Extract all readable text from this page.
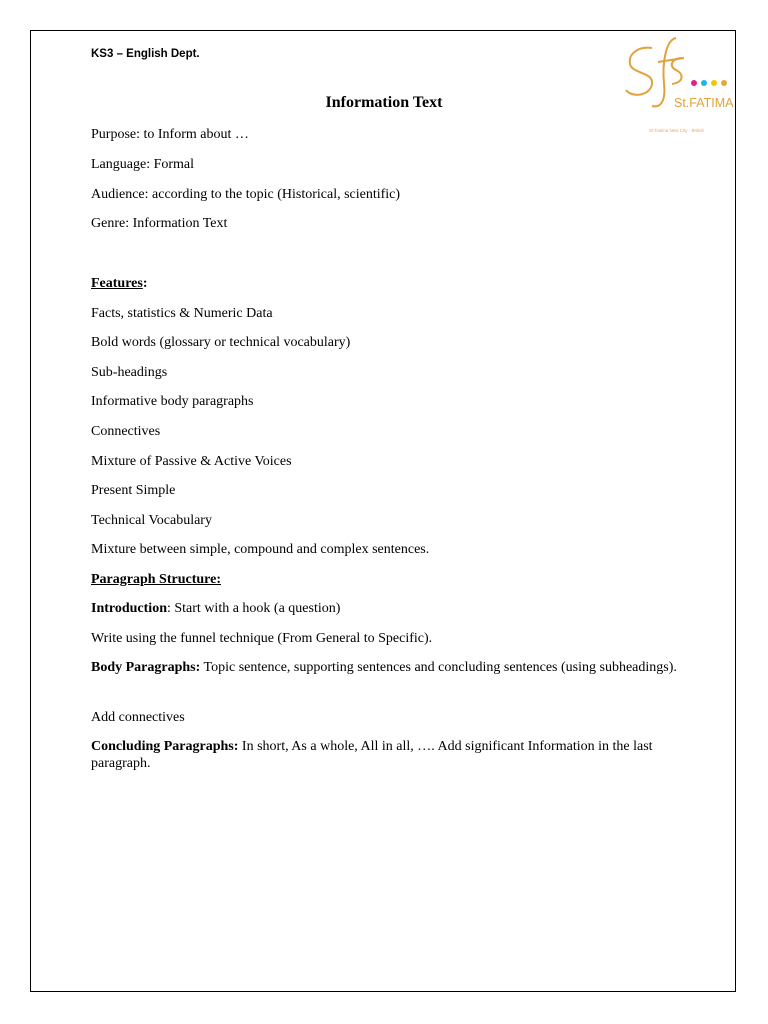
KS3 – English Dept.
St.FATIMA
St Fatima New City - British
Information Text
Purpose: to Inform about …
Language: Formal
Audience: according to the topic (Historical, scientific)
Genre: Information Text
Features:
Facts, statistics & Numeric Data
Bold words (glossary or technical vocabulary)
Sub-headings
Informative body paragraphs
Connectives
Mixture of Passive & Active Voices
Present Simple
Technical Vocabulary
Mixture between simple, compound and complex sentences.
Paragraph Structure:
Introduction: Start with a hook (a question)
Write using the funnel technique (From General to Specific).
Body Paragraphs: Topic sentence, supporting sentences and concluding sentences (using subheadings).
Add connectives
Concluding Paragraphs: In short, As a whole, All in all, …. Add significant Information in the last paragraph.
